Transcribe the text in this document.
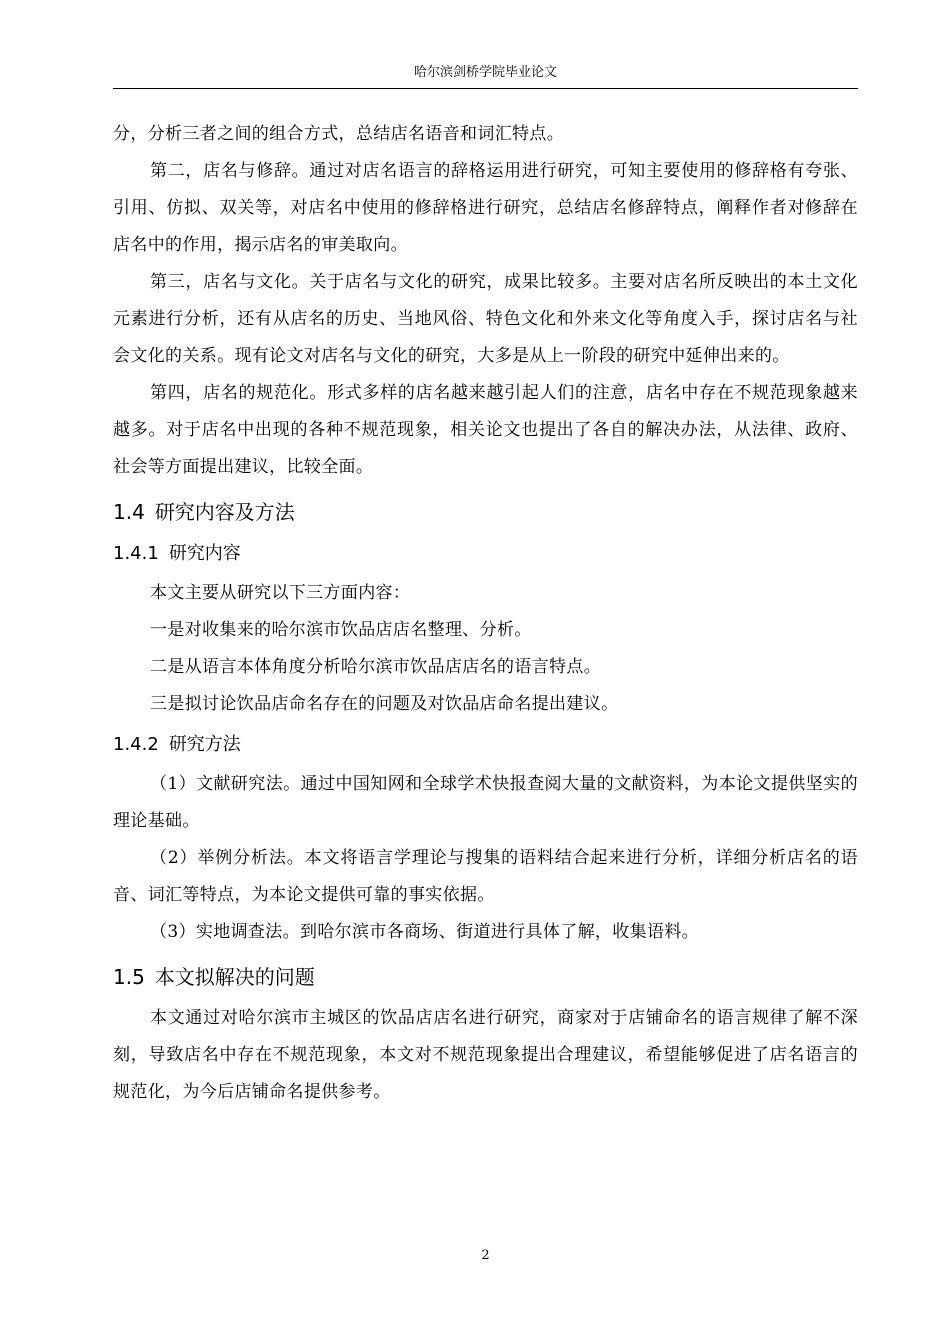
哈尔滨剑桥学院毕业论文

分，分析三者之间的组合方式，总结店名语音和词汇特点。

第二，店名与修辞。通过对店名语言的辞格运用进行研究，可知主要使用的修辞格有夸张、引用、仿拟、双关等，对店名中使用的修辞格进行研究，总结店名修辞特点，阐释作者对修辞在店名中的作用，揭示店名的审美取向。

第三，店名与文化。关于店名与文化的研究，成果比较多。主要对店名所反映出的本土文化元素进行分析，还有从店名的历史、当地风俗、特色文化和外来文化等角度入手，探讨店名与社会文化的关系。现有论文对店名与文化的研究，大多是从上一阶段的研究中延伸出来的。

第四，店名的规范化。形式多样的店名越来越引起人们的注意，店名中存在不规范现象越来越多。对于店名中出现的各种不规范现象，相关论文也提出了各自的解决办法，从法律、政府、社会等方面提出建议，比较全面。

1.4 研究内容及方法
1.4.1 研究内容

本文主要从研究以下三方面内容：

一是对收集来的哈尔滨市饮品店店名整理、分析。

二是从语言本体角度分析哈尔滨市饮品店店名的语言特点。

三是拟讨论饮品店命名存在的问题及对饮品店命名提出建议。

1.4.2 研究方法

（1）文献研究法。通过中国知网和全球学术快报查阅大量的文献资料，为本论文提供坚实的理论基础。

（2）举例分析法。本文将语言学理论与搜集的语料结合起来进行分析，详细分析店名的语音、词汇等特点，为本论文提供可靠的事实依据。

（3）实地调查法。到哈尔滨市各商场、街道进行具体了解，收集语料。

1.5 本文拟解决的问题

本文通过对哈尔滨市主城区的饮品店店名进行研究，商家对于店铺命名的语言规律了解不深刻，导致店名中存在不规范现象，本文对不规范现象提出合理建议，希望能够促进了店名语言的规范化，为今后店铺命名提供参考。

2
